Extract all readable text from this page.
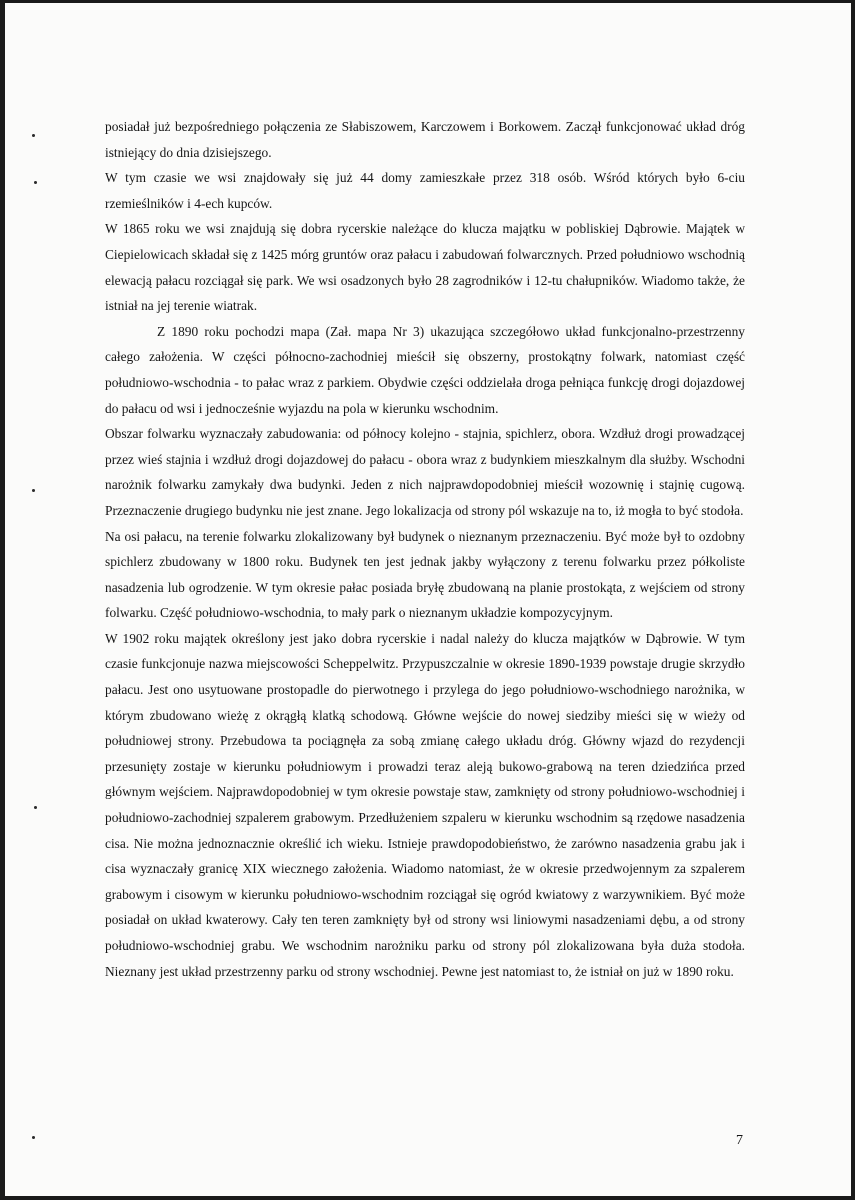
posiadał już bezpośredniego połączenia ze Słabiszowem, Karczowem i Borkowem. Zaczął funkcjonować układ dróg istniejący do dnia dzisiejszego.

W tym czasie we wsi znajdowały się już 44 domy zamieszkałe przez 318 osób. Wśród których było 6-ciu rzemieślników i 4-ech kupców.

W 1865 roku we wsi znajdują się dobra rycerskie należące do klucza majątku w pobliskiej Dąbrowie. Majątek w Ciepielowicach składał się z 1425 mórg gruntów oraz pałacu i zabudowań folwarcznych. Przed południowo wschodnią elewacją pałacu rozciągał się park. We wsi osadzonych było 28 zagrodników i 12-tu chałupników. Wiadomo także, że istniał na jej terenie wiatrak.

Z 1890 roku pochodzi mapa (Zał. mapa Nr 3) ukazująca szczegółowo układ funkcjonalno-przestrzenny całego założenia. W części północno-zachodniej mieścił się obszerny, prostokątny folwark, natomiast część południowo-wschodnia - to pałac wraz z parkiem. Obydwie części oddzielała droga pełniąca funkcję drogi dojazdowej do pałacu od wsi i jednocześnie wyjazdu na pola w kierunku wschodnim.

Obszar folwarku wyznaczały zabudowania: od północy kolejno - stajnia, spichlerz, obora. Wzdłuż drogi prowadzącej przez wieś stajnia i wzdłuż drogi dojazdowej do pałacu - obora wraz z budynkiem mieszkalnym dla służby. Wschodni narożnik folwarku zamykały dwa budynki. Jeden z nich najprawdopodobniej mieścił wozownię i stajnię cugową. Przeznaczenie drugiego budynku nie jest znane. Jego lokalizacja od strony pól wskazuje na to, iż mogła to być stodoła.

Na osi pałacu, na terenie folwarku zlokalizowany był budynek o nieznanym przeznaczeniu. Być może był to ozdobny spichlerz zbudowany w 1800 roku. Budynek ten jest jednak jakby wyłączony z terenu folwarku przez półkoliste nasadzenia lub ogrodzenie. W tym okresie pałac posiada bryłę zbudowaną na planie prostokąta, z wejściem od strony folwarku. Część południowo-wschodnia, to mały park o nieznanym układzie kompozycyjnym.

W 1902 roku majątek określony jest jako dobra rycerskie i nadal należy do klucza majątków w Dąbrowie. W tym czasie funkcjonuje nazwa miejscowości Scheppelwitz. Przypuszczalnie w okresie 1890-1939 powstaje drugie skrzydło pałacu. Jest ono usytuowane prostopadle do pierwotnego i przylega do jego południowo-wschodniego narożnika, w którym zbudowano wieżę z okrągłą klatką schodową. Główne wejście do nowej siedziby mieści się w wieży od południowej strony. Przebudowa ta pociągnęła za sobą zmianę całego układu dróg. Główny wjazd do rezydencji przesunięty zostaje w kierunku południowym i prowadzi teraz aleją bukowo-grabową na teren dziedzińca przed głównym wejściem. Najprawdopodobniej w tym okresie powstaje staw, zamknięty od strony południowo-wschodniej i południowo-zachodniej szpalerem grabowym. Przedłużeniem szpaleru w kierunku wschodnim są rzędowe nasadzenia cisa. Nie można jednoznacznie określić ich wieku. Istnieje prawdopodobieństwo, że zarówno nasadzenia grabu jak i cisa wyznaczały granicę XIX wiecznego założenia. Wiadomo natomiast, że w okresie przedwojennym za szpalerem grabowym i cisowym w kierunku południowo-wschodnim rozciągał się ogród kwiatowy z warzywnikiem. Być może posiadał on układ kwaterowy. Cały ten teren zamknięty był od strony wsi liniowymi nasadzeniami dębu, a od strony południowo-wschodniej grabu. We wschodnim narożniku parku od strony pól zlokalizowana była duża stodoła. Nieznany jest układ przestrzenny parku od strony wschodniej. Pewne jest natomiast to, że istniał on już w 1890 roku.

7
